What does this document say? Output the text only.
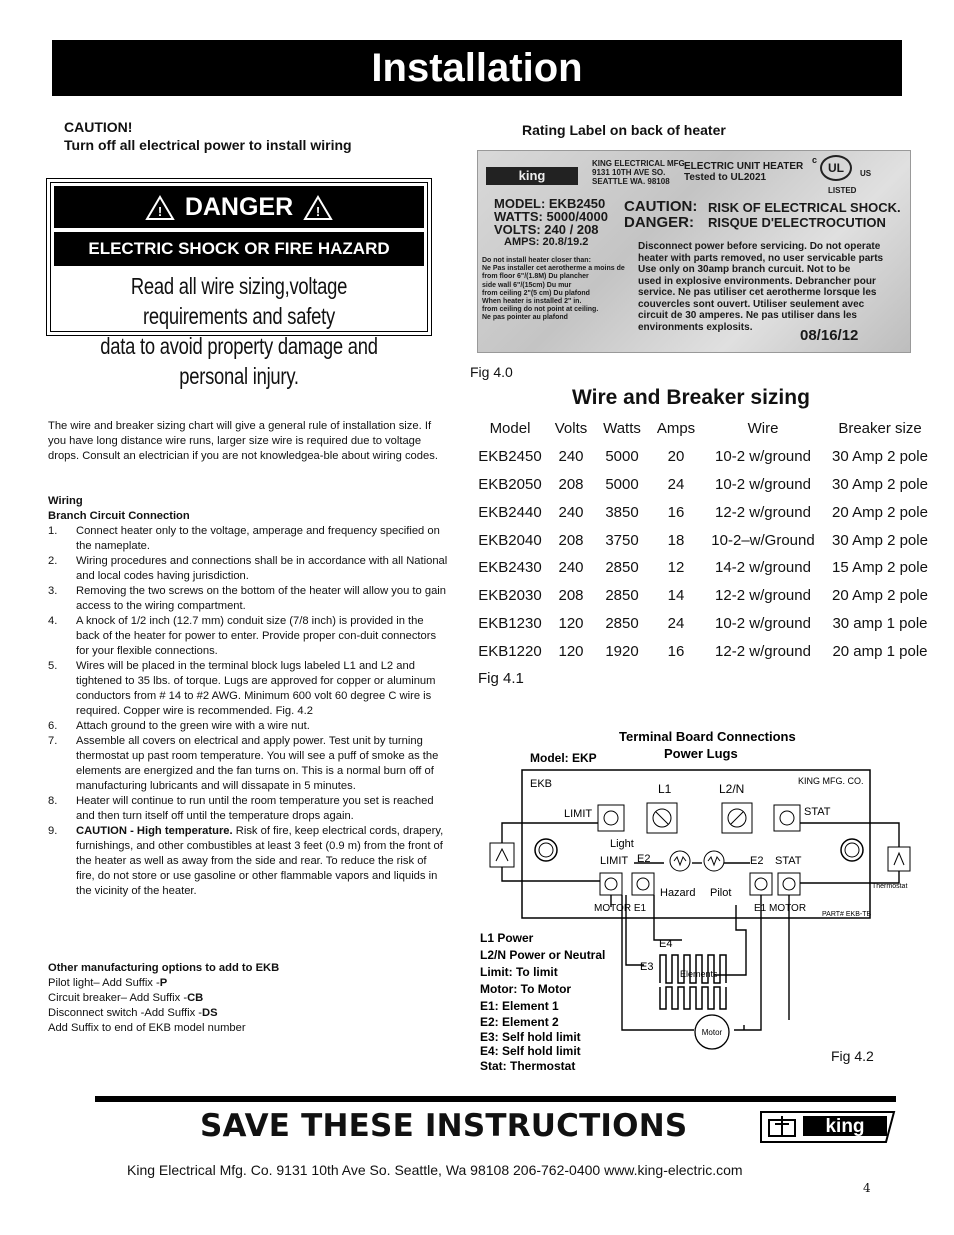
Installation
CAUTION!
Turn off all electrical power to install wiring
Rating Label on back of heater
! DANGER !
ELECTRIC SHOCK OR FIRE HAZARD
Read all wire sizing,voltage requirements and safety
data to avoid property damage and personal injury.
king
KING ELECTRICAL MFG.
9131 10TH AVE SO.
SEATTLE WA. 98108
ELECTRIC UNIT HEATER
Tested to UL2021
c
UL	US
LISTED
MODEL: EKB2450
WATTS: 5000/4000
VOLTS: 240 / 208
AMPS: 20.8/19.2
Do not install heater closer than:
Ne Pas installer cet aerotherme a moins de
from floor 6"/(1.8M) Du plancher
side wall 6"/(15cm) Du mur
from ceiling 2"(5 cm) Du plafond
When heater is installed 2" in.
from ceiling do not point at ceiling.
Ne pas pointer au plafond
CAUTION:
DANGER:
RISK OF ELECTRICAL SHOCK.
RISQUE D'ELECTROCUTION
Disconnect power before servicing. Do not operate
heater with parts removed, no user servicable parts
Use only on 30amp branch curcuit. Not to be
used in explosive environments. Debrancher pour
service. Ne pas utiliser cet aerotherme lorsque les
couvercles sont ouvert. Utiliser seulement avec
circuit de 30 amperes. Ne pas utiliser dans les
environments explosits.	08/16/12
Fig 4.0
Wire and Breaker sizing
Model	Volts	Watts	Amps	Wire	Breaker size
EKB2450	240	5000	20	10-2 w/ground	30 Amp 2 pole
EKB2050	208	5000	24	10-2 w/ground	30 Amp 2 pole
EKB2440	240	3850	16	12-2 w/ground	20 Amp 2 pole
EKB2040	208	3750	18	10-2–w/Ground	30 Amp 2 pole
EKB2430	240	2850	12	14-2 w/ground	15 Amp 2 pole
EKB2030	208	2850	14	12-2 w/ground	20 Amp 2 pole
EKB1230	120	2850	24	10-2 w/ground	30 amp 1 pole
EKB1220	120	1920	16	12-2 w/ground	20 amp 1 pole
Fig 4.1
The wire and breaker sizing chart will give a general rule of installation size. If you have long distance wire runs, larger size wire is required due to voltage drops. Consult an electrician if you are not knowledgea-ble about wiring codes.
Wiring
Branch Circuit Connection
1. Connect heater only to the voltage, amperage and frequency specified on the nameplate.
2. Wiring procedures and connections shall be in accordance with all National and local codes having jurisdiction.
3. Removing the two screws on the bottom of the heater will allow you to gain access to the wiring compartment.
4. A knock of 1/2 inch (12.7 mm) conduit size (7/8 inch) is provided in the back of the heater for power to enter. Provide proper con-duit connectors for your flexible connections.
5. Wires will be placed in the terminal block lugs labeled L1 and L2 and tightened to 35 lbs. of torque. Lugs are approved for copper or aluminum conductors from # 14 to #2 AWG. Minimum 600 volt 60 degree C wire is required. Copper wire is recommended. Fig. 4.2
6. Attach ground to the green wire with a wire nut.
7. Assemble all covers on electrical and apply power. Test unit by turning thermostat up past room temperature. You will see a puff of smoke as the elements are energized and the fan turns on. This is a normal burn off of manufacturing lubricants and will dissapate in 5 minutes.
8. Heater will continue to run until the room temperature you set is reached and then turn itself off until the temperature drops again.
9. CAUTION - High temperature. Risk of fire, keep electrical cords, drapery, furnishings, and other combustibles at least 3 feet (0.9 m) from the front of the heater as well as away from the side and rear. To reduce the risk of fire, do not store or use gasoline or other flammable vapors and liquids in the vicinity of the heater.
Other manufacturing options to add to EKB
Pilot light– Add Suffix -P
Circuit breaker– Add Suffix -CB
Disconnect switch -Add Suffix -DS
Add Suffix to end of EKB model number
Terminal Board Connections
Power Lugs
Model: EKP
EKB	KING MFG. CO.
L1	L2/N
LIMIT	STAT
Light
LIMIT E2	E2 STAT
Hazard Pilot
MOTOR E1	E1 MOTOR
PART# EKB-TB
Thermostat
Elements
E4
E3
Motor
L1 Power
L2/N Power or Neutral
Limit: To limit
Motor: To Motor
E1: Element 1
E2: Element 2
E3: Self hold limit
E4: Self hold limit
Stat: Thermostat
Fig 4.2
SAVE THESE INSTRUCTIONS	king
King Electrical Mfg. Co. 9131 10th Ave So. Seattle, Wa 98108 206-762-0400 www.king-electric.com
4
